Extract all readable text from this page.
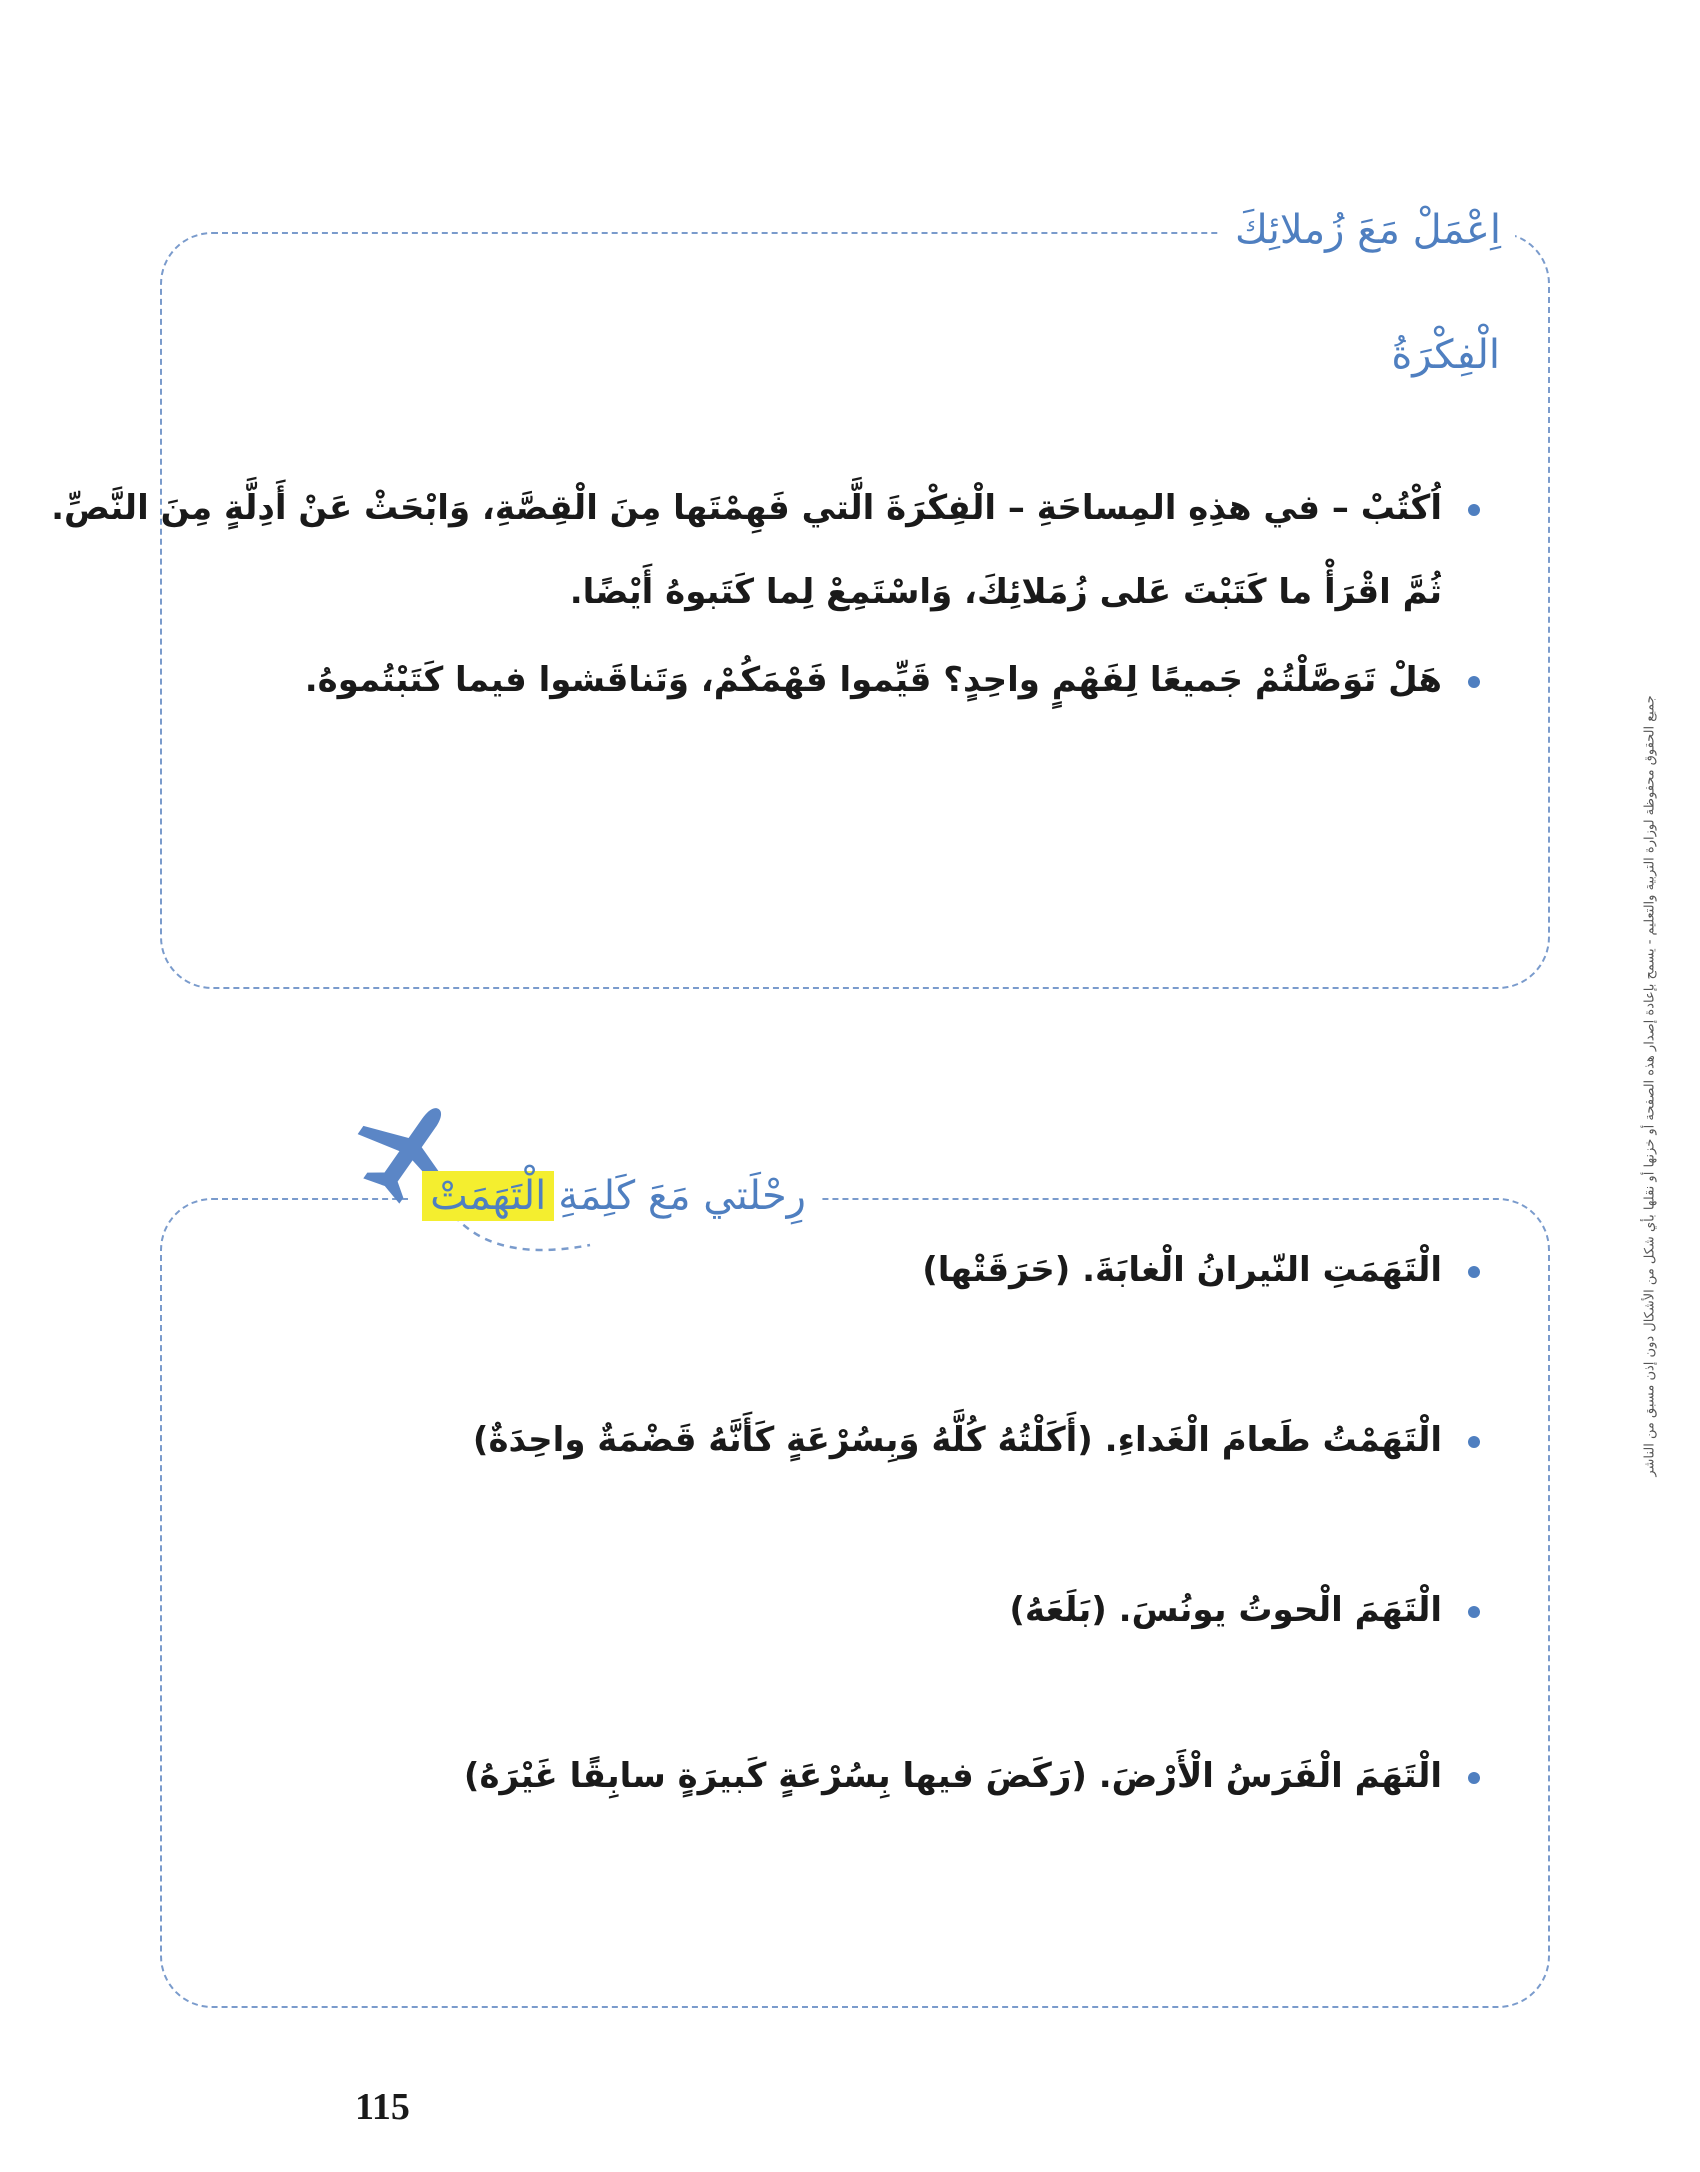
اِعْمَلْ مَعَ زُملائِكَ
الْفِكْرَةُ
اُكْتُبْ – في هذِهِ المِساحَةِ – الْفِكْرَةَ الَّتي فَهِمْتَها مِنَ الْقِصَّةِ، وَابْحَثْ عَنْ أَدِلَّةٍ مِنَ النَّصِّ.
ثُمَّ اقْرَأْ ما كَتَبْتَ عَلى زُمَلائِكَ، وَاسْتَمِعْ لِما كَتَبوهُ أَيْضًا.
هَلْ تَوَصَّلْتُمْ جَميعًا لِفَهْمٍ واحِدٍ؟ قَيِّموا فَهْمَكُمْ، وَتَناقَشوا فيما كَتَبْتُموهُ.
رِحْلَتي مَعَ كَلِمَةِالْتَهَمَتْ
الْتَهَمَتِ النّيرانُ الْغابَةَ. (حَرَقَتْها)
الْتَهَمْتُ طَعامَ الْغَداءِ. (أَكَلْتُهُ كُلَّهُ وَبِسُرْعَةٍ كَأَنَّهُ قَضْمَةٌ واحِدَةٌ)
الْتَهَمَ الْحوتُ يونُسَ. (بَلَعَهُ)
الْتَهَمَ الْفَرَسُ الْأَرْضَ. (رَكَضَ فيها بِسُرْعَةٍ كَبيرَةٍ سابِقًا غَيْرَهُ)
جميع الحقوق محفوظة لوزارة التربية والتعليم - يسمح بإعادة إصدار هذه الصفحة أو خزنها أو نقلها بأي شكل من الأشكال دون إذن مسبق من الناشر
115
